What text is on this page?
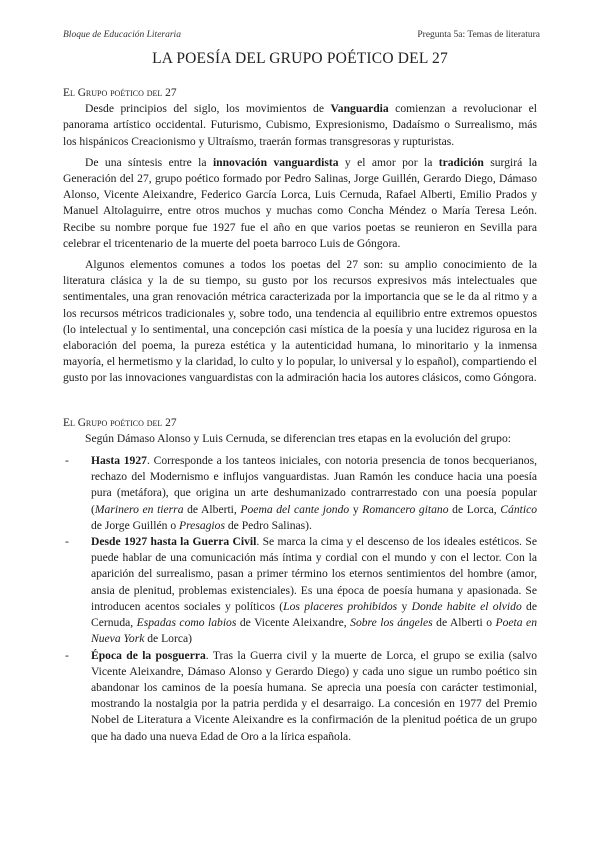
Bloque de Educación Literaria	Pregunta 5a: Temas de literatura
LA POESÍA DEL GRUPO POÉTICO DEL 27
El Grupo poético del 27

Desde principios del siglo, los movimientos de Vanguardia comienzan a revolucionar el panorama artístico occidental. Futurismo, Cubismo, Expresionismo, Dadaísmo o Surrealismo, más los hispánicos Creacionismo y Ultraísmo, traerán formas transgresoras y rupturistas.

De una síntesis entre la innovación vanguardista y el amor por la tradición surgirá la Generación del 27, grupo poético formado por Pedro Salinas, Jorge Guillén, Gerardo Diego, Dámaso Alonso, Vicente Aleixandre, Federico García Lorca, Luis Cernuda, Rafael Alberti, Emilio Prados y Manuel Altolaguirre, entre otros muchos y muchas como Concha Méndez o María Teresa León. Recibe su nombre porque fue 1927 fue el año en que varios poetas se reunieron en Sevilla para celebrar el tricentenario de la muerte del poeta barroco Luis de Góngora.

Algunos elementos comunes a todos los poetas del 27 son: su amplio conocimiento de la literatura clásica y la de su tiempo, su gusto por los recursos expresivos más intelectuales que sentimentales, una gran renovación métrica caracterizada por la importancia que se le da al ritmo y a los recursos métricos tradicionales y, sobre todo, una tendencia al equilibrio entre extremos opuestos (lo intelectual y lo sentimental, una concepción casi mística de la poesía y una lucidez rigurosa en la elaboración del poema, la pureza estética y la autenticidad humana, lo minoritario y la inmensa mayoría, el hermetismo y la claridad, lo culto y lo popular, lo universal y lo español), compartiendo el gusto por las innovaciones vanguardistas con la admiración hacia los autores clásicos, como Góngora.

El Grupo poético del 27

Según Dámaso Alonso y Luis Cernuda, se diferencian tres etapas en la evolución del grupo:

- Hasta 1927. Corresponde a los tanteos iniciales, con notoria presencia de tonos becquerianos, rechazo del Modernismo e influjos vanguardistas. Juan Ramón les conduce hacia una poesía pura (metáfora), que origina un arte deshumanizado contrarrestado con una poesía popular (Marinero en tierra de Alberti, Poema del cante jondo y Romancero gitano de Lorca, Cántico de Jorge Guillén o Presagios de Pedro Salinas).
- Desde 1927 hasta la Guerra Civil. Se marca la cima y el descenso de los ideales estéticos. Se puede hablar de una comunicación más íntima y cordial con el mundo y con el lector. Con la aparición del surrealismo, pasan a primer término los eternos sentimientos del hombre (amor, ansia de plenitud, problemas existenciales). Es una época de poesía humana y apasionada. Se introducen acentos sociales y políticos (Los placeres prohibidos y Donde habite el olvido de Cernuda, Espadas como labios de Vicente Aleixandre, Sobre los ángeles de Alberti o Poeta en Nueva York de Lorca)
- Época de la posguerra. Tras la Guerra civil y la muerte de Lorca, el grupo se exilia (salvo Vicente Aleixandre, Dámaso Alonso y Gerardo Diego) y cada uno sigue un rumbo poético sin abandonar los caminos de la poesía humana. Se aprecia una poesía con carácter testimonial, mostrando la nostalgia por la patria perdida y el desarraigo. La concesión en 1977 del Premio Nobel de Literatura a Vicente Aleixandre es la confirmación de la plenitud poética de un grupo que ha dado una nueva Edad de Oro a la lírica española.
